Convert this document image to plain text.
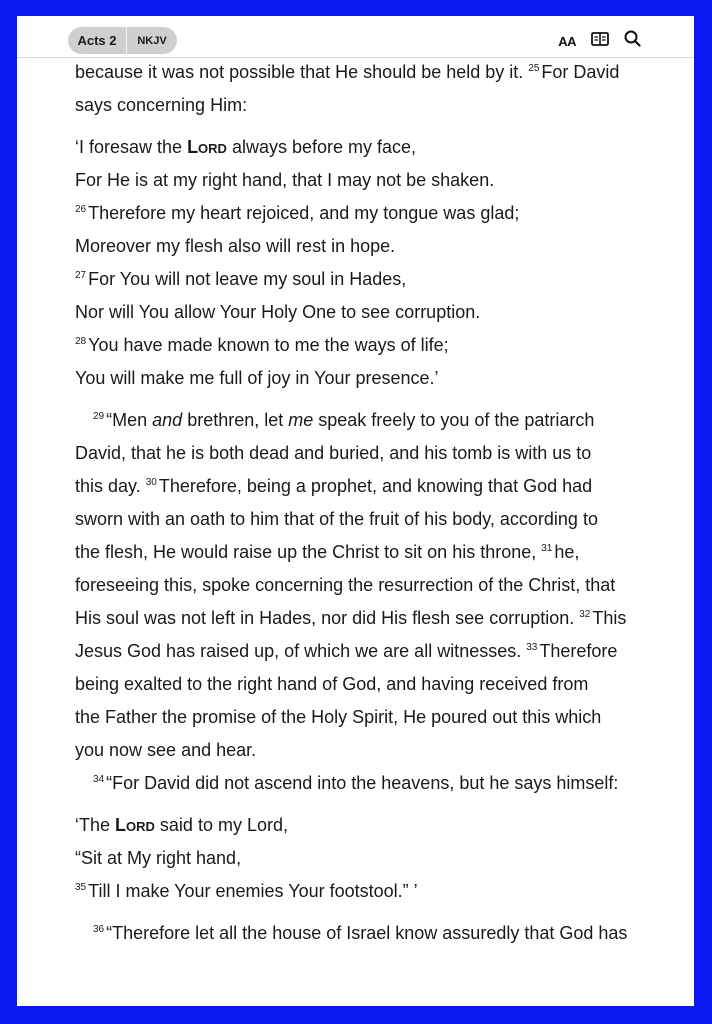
Acts 2	NKJV	AA
because it was not possible that He should be held by it. $^{25}$ For David
says concerning Him:
‘I foresaw the Lord always before my face,
For He is at my right hand, that I may not be shaken.
$^{26}$ Therefore my heart rejoiced, and my tongue was glad;
Moreover my flesh also will rest in hope.
$^{27}$ For You will not leave my soul in Hades,
Nor will You allow Your Holy One to see corruption.
$^{28}$ You have made known to me the ways of life;
You will make me full of joy in Your presence.’
$^{29}$ “Men and brethren, let me speak freely to you of the patriarch
David, that he is both dead and buried, and his tomb is with us to
this day. $^{30}$ Therefore, being a prophet, and knowing that God had
sworn with an oath to him that of the fruit of his body, according to
the flesh, He would raise up the Christ to sit on his throne, $^{31}$ he,
foreseeing this, spoke concerning the resurrection of the Christ, that
His soul was not left in Hades, nor did His flesh see corruption. $^{32}$ This
Jesus God has raised up, of which we are all witnesses. $^{33}$ Therefore
being exalted to the right hand of God, and having received from
the Father the promise of the Holy Spirit, He poured out this which
you now see and hear.
$^{34}$ “For David did not ascend into the heavens, but he says himself:
‘The Lord said to my Lord,
“Sit at My right hand,
$^{35}$ Till I make Your enemies Your footstool.” ’
$^{36}$ “Therefore let all the house of Israel know assuredly that God has
